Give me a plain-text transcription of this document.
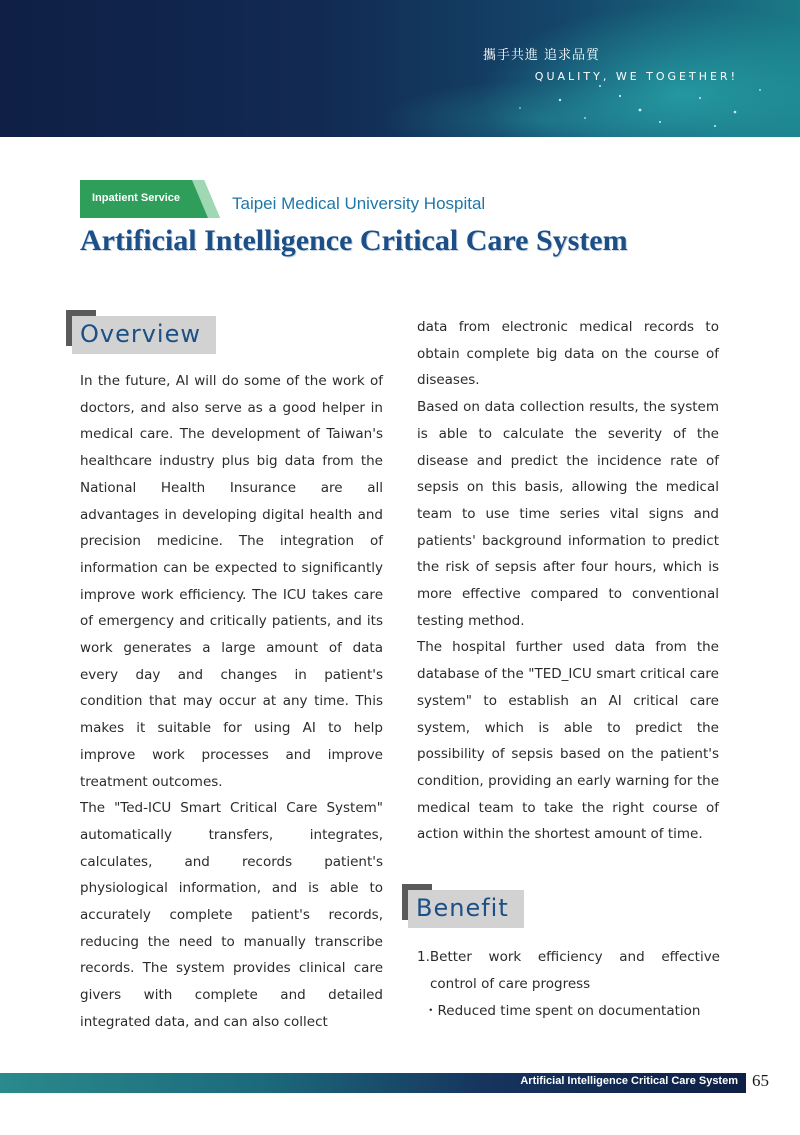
攜手共進 追求品質
QUALITY, WE TOGETHER!
Inpatient Service	Taipei Medical University Hospital
Artificial Intelligence Critical Care System
Overview

In the future, AI will do some of the work of doctors, and also serve as a good helper in medical care. The development of Taiwan's healthcare industry plus big data from the National Health Insurance are all advantages in developing digital health and precision medicine. The integration of information can be expected to significantly improve work efficiency. The ICU takes care of emergency and critically patients, and its work generates a large amount of data every day and changes in patient's condition that may occur at any time. This makes it suitable for using AI to help improve work processes and improve treatment outcomes.

The "Ted-ICU Smart Critical Care System" automatically transfers, integrates, calculates, and records patient's physiological information, and is able to accurately complete patient's records, reducing the need to manually transcribe records. The system provides clinical care givers with complete and detailed integrated data, and can also collect

data from electronic medical records to obtain complete big data on the course of diseases.

Based on data collection results, the system is able to calculate the severity of the disease and predict the incidence rate of sepsis on this basis, allowing the medical team to use time series vital signs and patients' background information to predict the risk of sepsis after four hours, which is more effective compared to conventional testing method.

The hospital further used data from the database of the "TED_ICU smart critical care system" to establish an AI critical care system, which is able to predict the possibility of sepsis based on the patient's condition, providing an early warning for the medical team to take the right course of action within the shortest amount of time.

Benefit
1.Better work efficiency and effective control of care progress
・Reduced time spent on documentation
Artificial Intelligence Critical Care System 65
